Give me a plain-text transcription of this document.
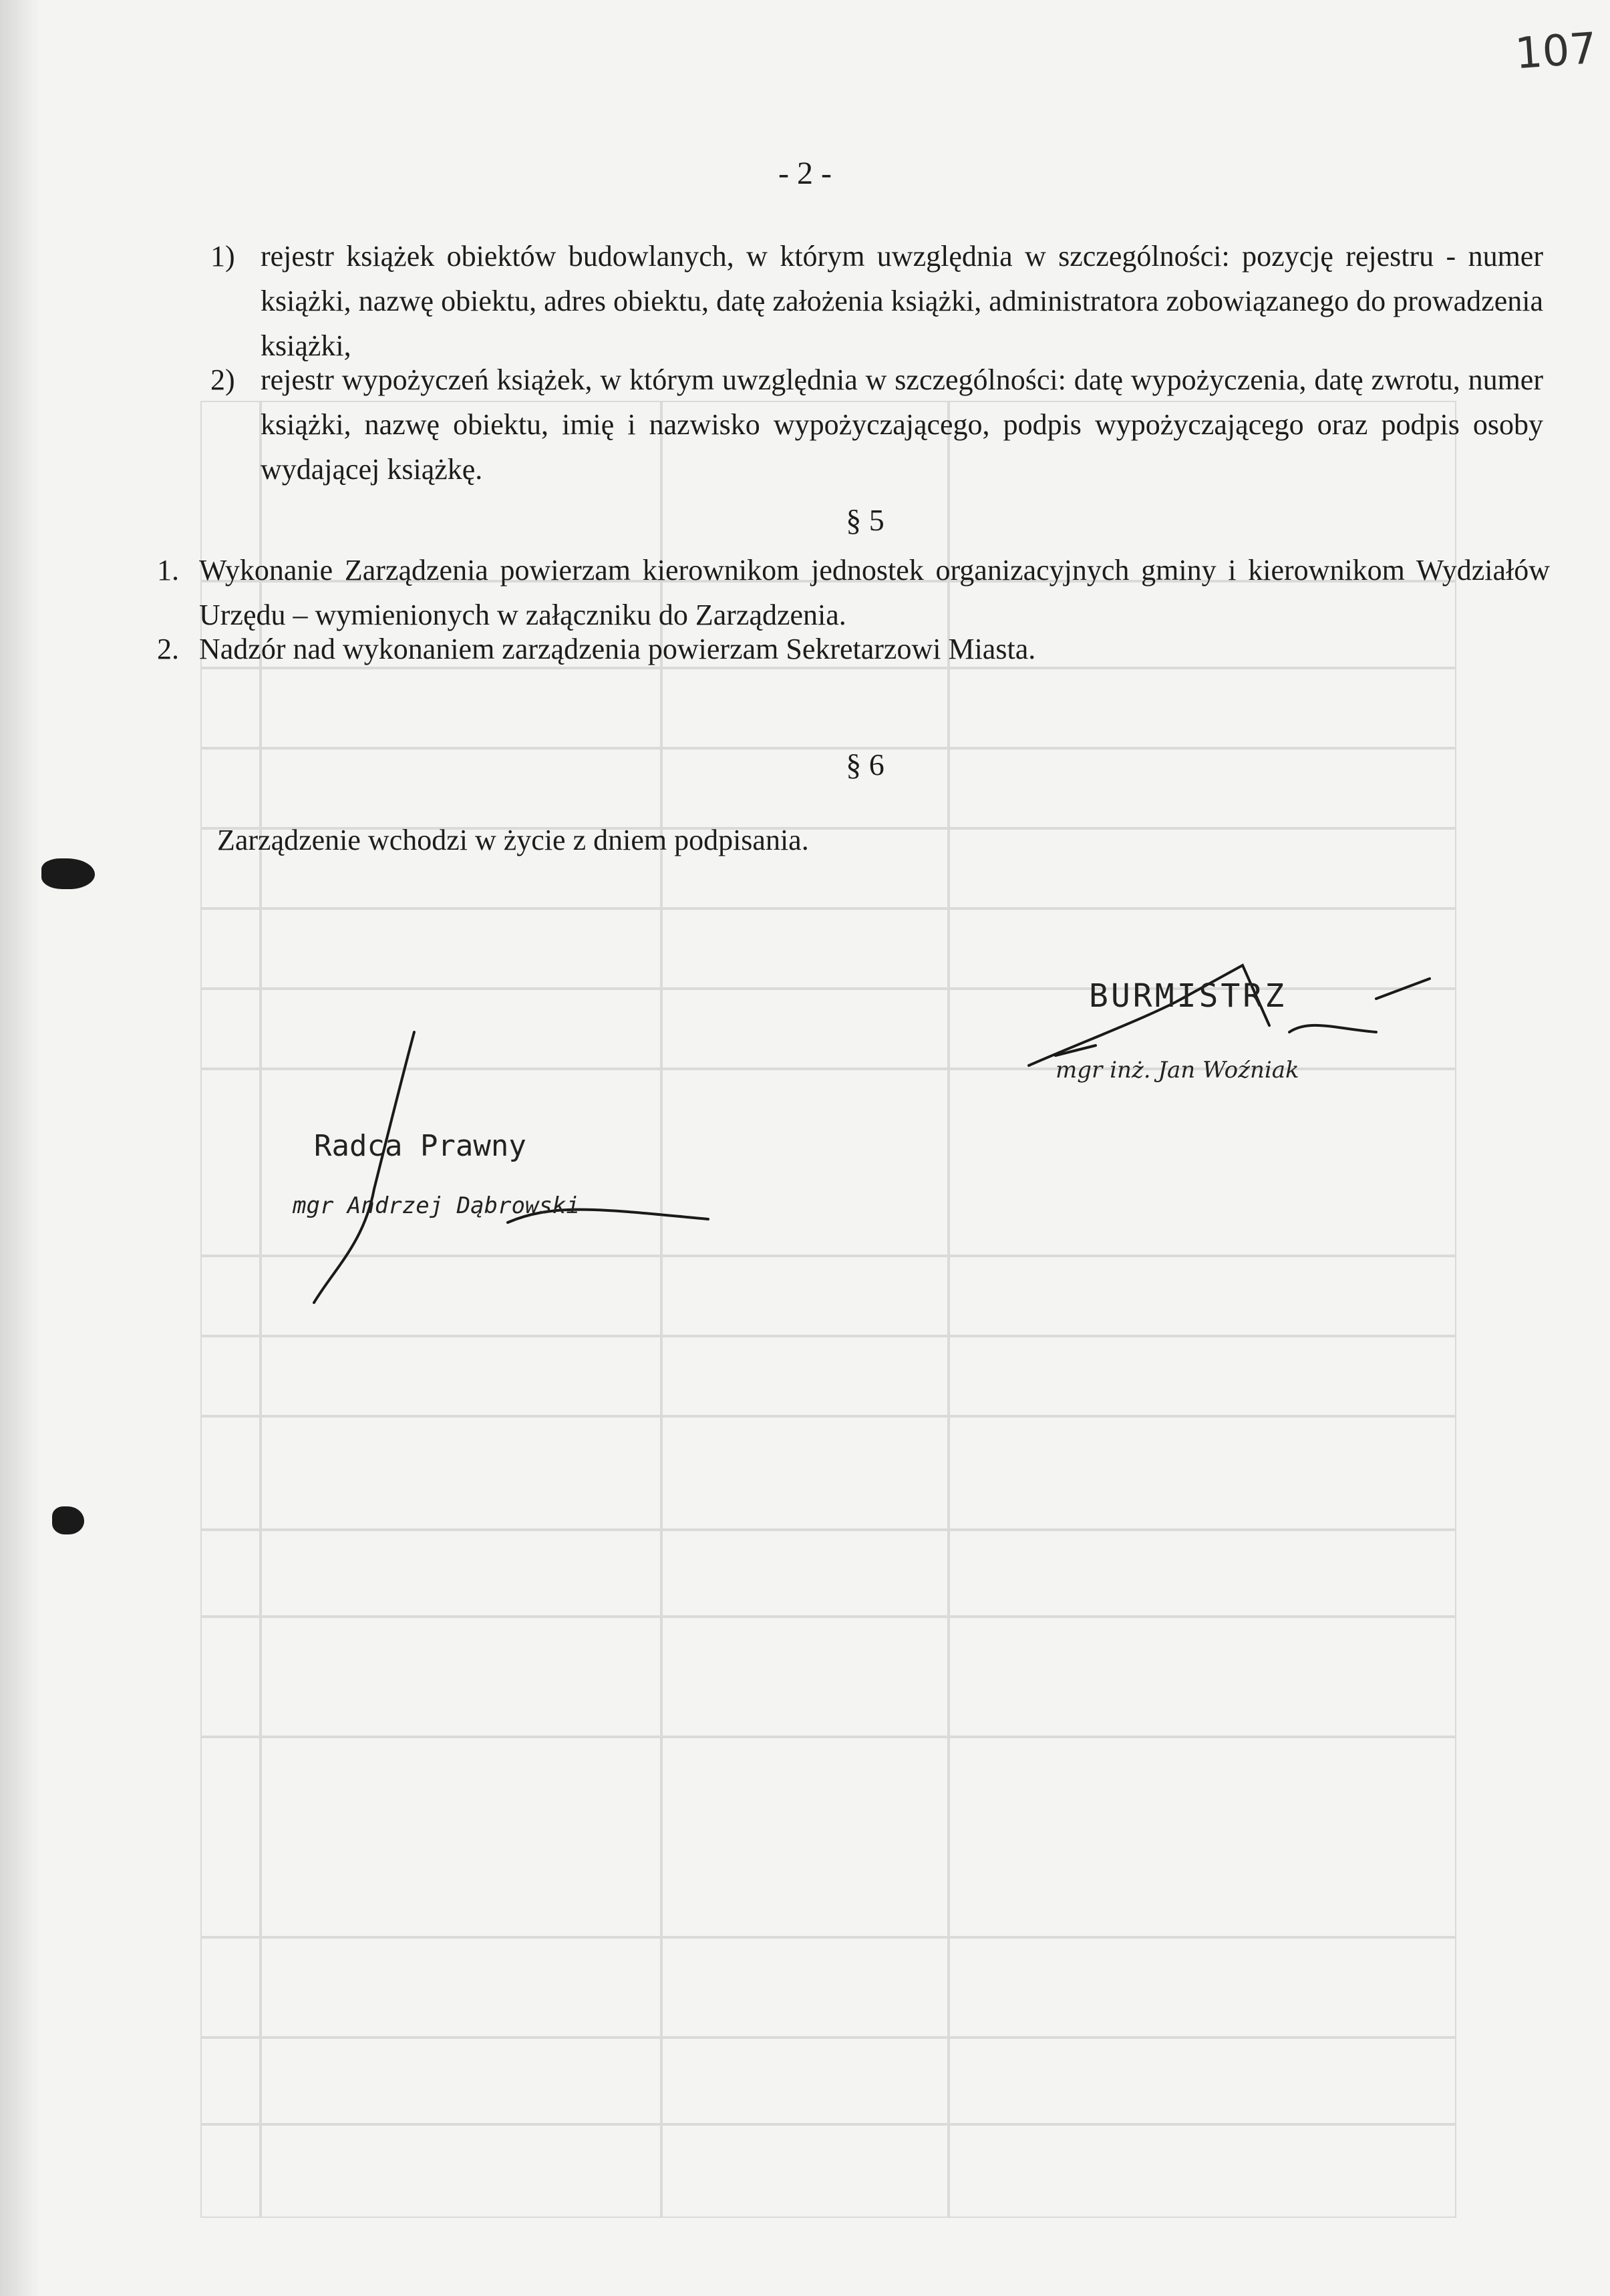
107
- 2 -
1) rejestr książek obiektów budowlanych, w którym uwzględnia w szczególności: pozycję rejestru - numer książki, nazwę obiektu, adres obiektu, datę założenia książki, administratora zobowiązanego do prowadzenia książki,
2) rejestr wypożyczeń książek, w którym uwzględnia w szczególności: datę wypożyczenia, datę zwrotu, numer książki, nazwę obiektu, imię i nazwisko wypożyczającego, podpis wypożyczającego oraz podpis osoby wydającej książkę.
§ 5
1. Wykonanie Zarządzenia powierzam kierownikom jednostek organizacyjnych gminy i kierownikom Wydziałów Urzędu – wymienionych w załączniku do Zarządzenia.
2. Nadzór nad wykonaniem zarządzenia powierzam Sekretarzowi Miasta.
§ 6
Zarządzenie wchodzi w życie z dniem podpisania.
Radca Prawny
mgr Andrzej Dąbrowski
BURMISTRZ
mgr inż. Jan Woźniak
